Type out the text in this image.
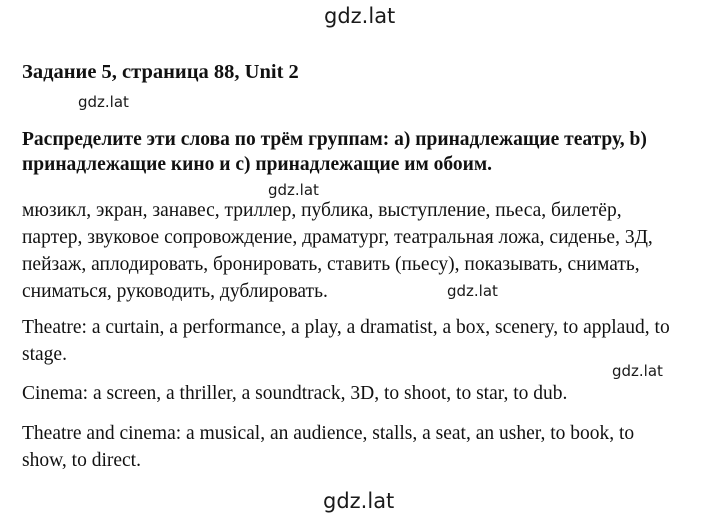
gdz.lat
gdz.lat
gdz.lat
gdz.lat
gdz.lat
gdz.lat
Задание 5, страница 88, Unit 2
Распределите эти слова по трём группам: a) принадлежащие театру, b)
принадлежащие кино и c) принадлежащие им обоим.
мюзикл, экран, занавес, триллер, публика, выступление, пьеса, билетёр,
партер, звуковое сопровождение, драматург, театральная ложа, сиденье, 3Д,
пейзаж, аплодировать, бронировать, ставить (пьесу), показывать, снимать,
сниматься, руководить, дублировать.
Theatre: a curtain, a performance, a play, a dramatist, a box, scenery, to applaud, to
stage.
Cinema: a screen, a thriller, a soundtrack, 3D, to shoot, to star, to dub.
Theatre and cinema: a musical, an audience, stalls, a seat, an usher, to book, to
show, to direct.
